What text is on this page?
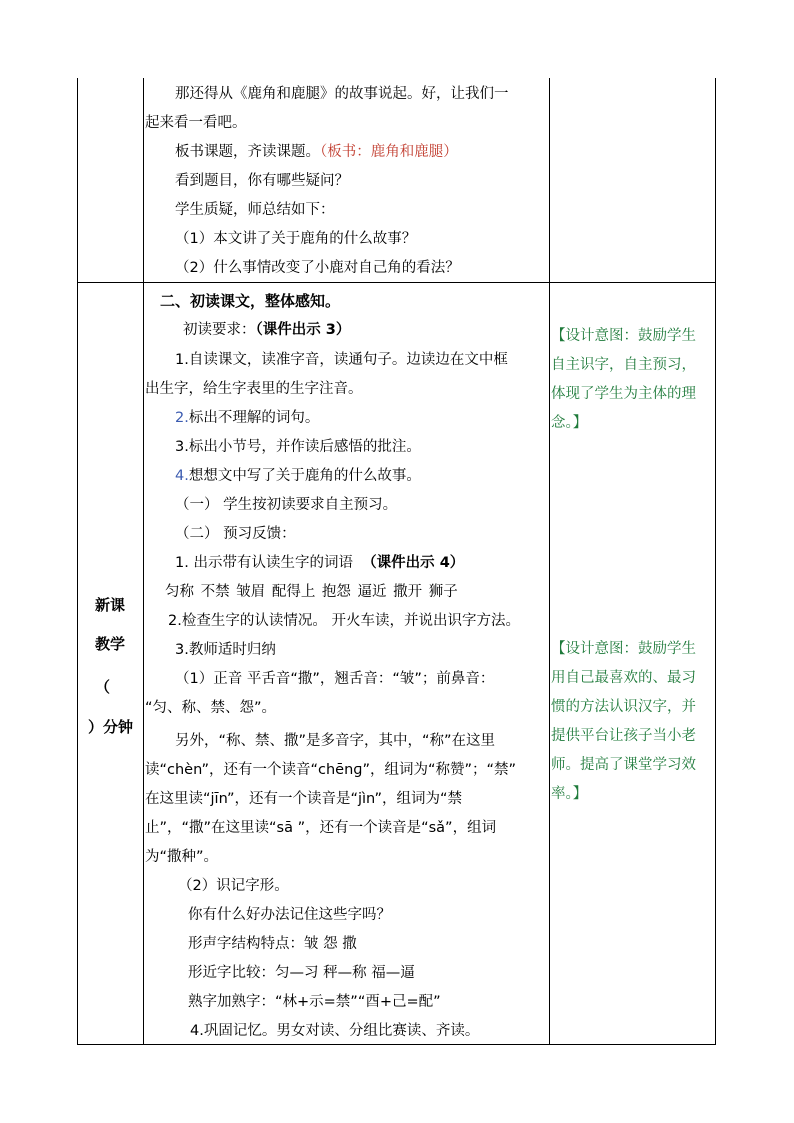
那还得从《鹿角和鹿腿》的故事说起。好，让我们一
起来看一看吧。
板书课题，齐读课题。（板书：鹿角和鹿腿）
看到题目，你有哪些疑问？
学生质疑，师总结如下：
（1）本文讲了关于鹿角的什么故事？
（2）什么事情改变了小鹿对自己角的看法？
新课
教学
（
）分钟
二、初读课文，整体感知。
初读要求：（课件出示 3）
1.自读课文，读准字音，读通句子。边读边在文中框
出生字，给生字表里的生字注音。
2.标出不理解的词句。
3.标出小节号，并作读后感悟的批注。
4.想想文中写了关于鹿角的什么故事。
（一） 学生按初读要求自主预习。
（二） 预习反馈：
1. 出示带有认读生字的词语 （课件出示 4）
匀称 不禁 皱眉 配得上 抱怨 逼近 撒开 狮子
2.检查生字的认读情况。 开火车读，并说出识字方法。
3.教师适时归纳
（1）正音 平舌音“撒”，翘舌音：“皱”；前鼻音：
“匀、称、禁、怨”。
另外，“称、禁、撒”是多音字，其中，“称”在这里
读“chèn”，还有一个读音“chēnɡ”，组词为“称赞”；“禁”
在这里读“jīn”，还有一个读音是“jìn”，组词为“禁
止”，“撒”在这里读“sā ”，还有一个读音是“sǎ”，组词
为“撒种”。
（2）识记字形。
你有什么好办法记住这些字吗？
形声字结构特点：皱 怨 撒
形近字比较：匀—习 秤—称 福—逼
熟字加熟字：“林+示=禁”“酉+己=配”
4.巩固记忆。男女对读、分组比赛读、齐读。
【设计意图：鼓励学生
自主识字，自主预习，
体现了学生为主体的理
念。】
【设计意图：鼓励学生
用自己最喜欢的、最习
惯的方法认识汉字，并
提供平台让孩子当小老
师。提高了课堂学习效
率。】
